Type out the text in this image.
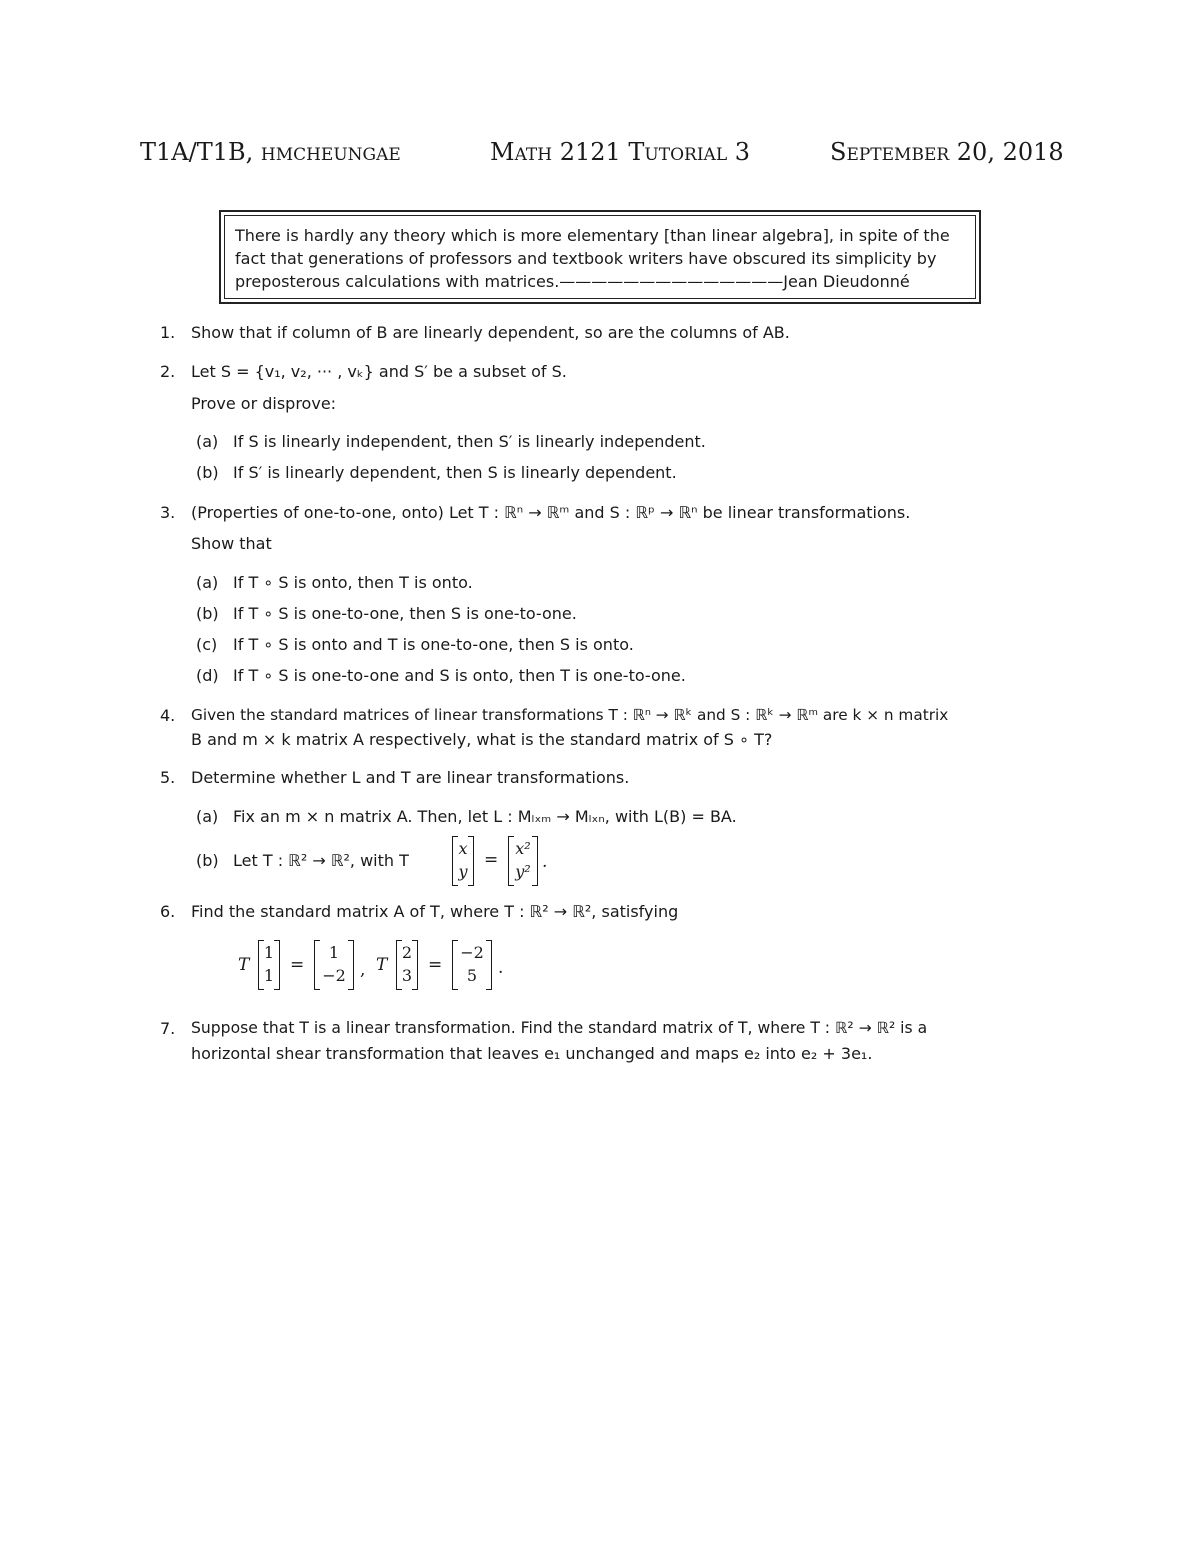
T1A/T1B, hmcheungae	Math 2121 Tutorial 3	September 20, 2018
There is hardly any theory which is more elementary [than linear algebra], in spite of the fact that generations of professors and textbook writers have obscured its simplicity by preposterous calculations with matrices.——————————————Jean Dieudonné
1. Show that if column of B are linearly dependent, so are the columns of AB.
2. Let S = {v₁, v₂, ··· , vₖ} and S′ be a subset of S.
Prove or disprove:
(a) If S is linearly independent, then S′ is linearly independent.
(b) If S′ is linearly dependent, then S is linearly dependent.
3. (Properties of one-to-one, onto) Let T : ℝⁿ → ℝᵐ and S : ℝᵖ → ℝⁿ be linear transformations.
Show that
(a) If T ∘ S is onto, then T is onto.
(b) If T ∘ S is one-to-one, then S is one-to-one.
(c) If T ∘ S is onto and T is one-to-one, then S is onto.
(d) If T ∘ S is one-to-one and S is onto, then T is one-to-one.
4. Given the standard matrices of linear transformations T : ℝⁿ → ℝᵏ and S : ℝᵏ → ℝᵐ are k × n matrix
B and m × k matrix A respectively, what is the standard matrix of S ∘ T?
5. Determine whether L and T are linear transformations.
(a) Fix an m × n matrix A. Then, let L : Mₗₓₘ → Mₗₓₙ, with L(B) = BA.
(b) Let T : ℝ² → ℝ², with T
x
y
=
x²
y² .
6. Find the standard matrix A of T, where T : ℝ² → ℝ², satisfying
T
1
1
=
1
−2 , T
2
3
=
−2
5	.
7. Suppose that T is a linear transformation. Find the standard matrix of T, where T : ℝ² → ℝ² is a
horizontal shear transformation that leaves e₁ unchanged and maps e₂ into e₂ + 3e₁.
